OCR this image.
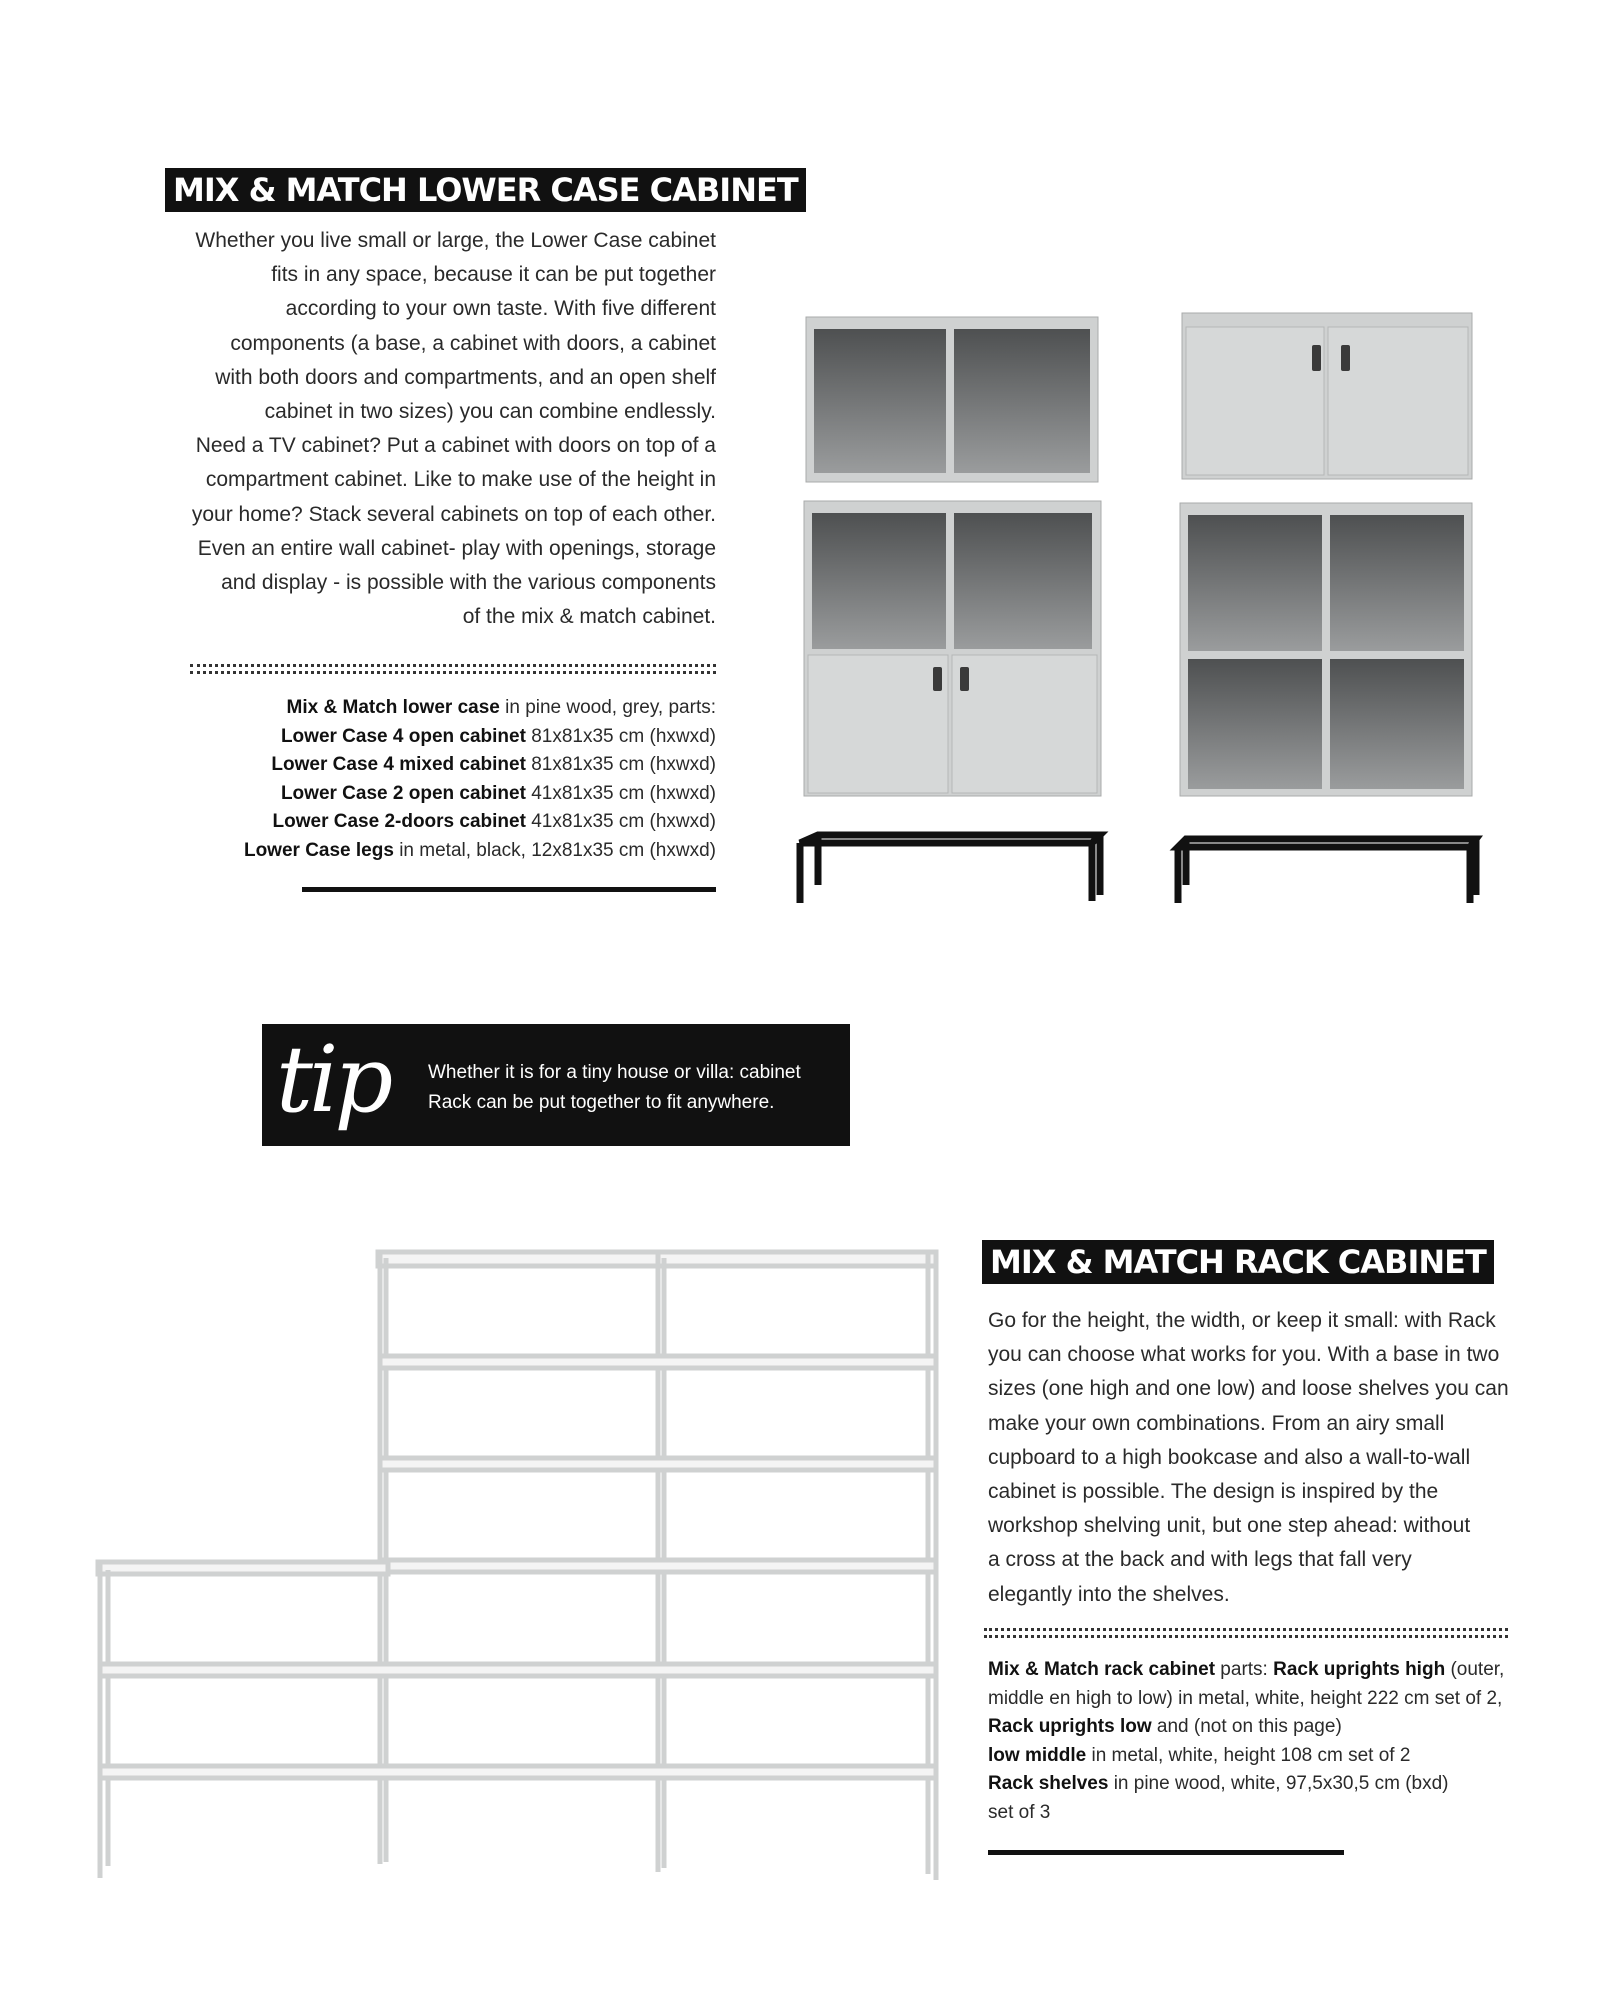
MIX & MATCH LOWER CASE CABINET
Whether you live small or large, the Lower Case cabinet
fits in any space, because it can be put together
according to your own taste. With five different
components (a base, a cabinet with doors, a cabinet
with both doors and compartments, and an open shelf
cabinet in two sizes) you can combine endlessly.
Need a TV cabinet? Put a cabinet with doors on top of a
compartment cabinet. Like to make use of the height in
your home? Stack several cabinets on top of each other.
Even an entire wall cabinet- play with openings, storage
and display - is possible with the various components
of the mix & match cabinet.
Mix & Match lower case in pine wood, grey, parts:
Lower Case 4 open cabinet 81x81x35 cm (hxwxd)
Lower Case 4 mixed cabinet 81x81x35 cm (hxwxd)
Lower Case 2 open cabinet 41x81x35 cm (hxwxd)
Lower Case 2-doors cabinet 41x81x35 cm (hxwxd)
Lower Case legs in metal, black, 12x81x35 cm (hxwxd)
tip Whether it is for a tiny house or villa: cabinet
Rack can be put together to fit anywhere.
MIX & MATCH RACK CABINET
Go for the height, the width, or keep it small: with Rack
you can choose what works for you. With a base in two
sizes (one high and one low) and loose shelves you can
make your own combinations. From an airy small
cupboard to a high bookcase and also a wall-to-wall
cabinet is possible. The design is inspired by the
workshop shelving unit, but one step ahead: without
a cross at the back and with legs that fall very
elegantly into the shelves.
Mix & Match rack cabinet parts: Rack uprights high (outer,
middle en high to low) in metal, white, height 222 cm set of 2,
Rack uprights low and (not on this page)
low middle in metal, white, height 108 cm set of 2
Rack shelves in pine wood, white, 97,5x30,5 cm (bxd)
set of 3
